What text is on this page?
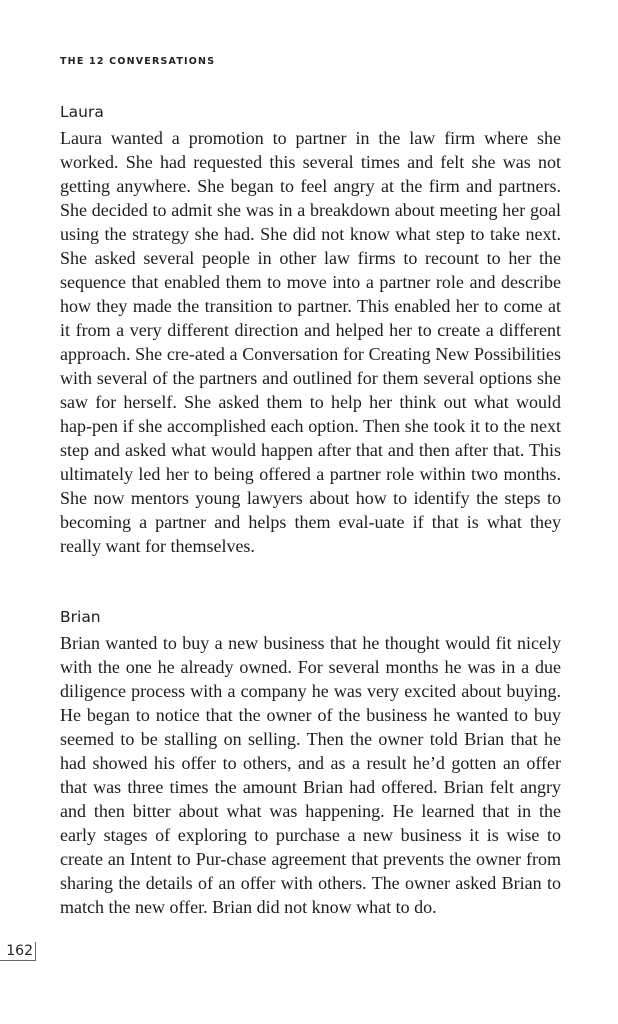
THE 12 CONVERSATIONS
Laura

Laura wanted a promotion to partner in the law firm where she worked. She had requested this several times and felt she was not getting anywhere. She began to feel angry at the firm and partners. She decided to admit she was in a breakdown about meeting her goal using the strategy she had. She did not know what step to take next. She asked several people in other law firms to recount to her the sequence that enabled them to move into a partner role and describe how they made the transition to partner. This enabled her to come at it from a very different direction and helped her to create a different approach. She cre-ated a Conversation for Creating New Possibilities with several of the partners and outlined for them several options she saw for herself. She asked them to help her think out what would hap-pen if she accomplished each option. Then she took it to the next step and asked what would happen after that and then after that. This ultimately led her to being offered a partner role within two months. She now mentors young lawyers about how to identify the steps to becoming a partner and helps them eval-uate if that is what they really want for themselves.

Brian

Brian wanted to buy a new business that he thought would fit nicely with the one he already owned. For several months he was in a due diligence process with a company he was very excited about buying. He began to notice that the owner of the business he wanted to buy seemed to be stalling on selling. Then the owner told Brian that he had showed his offer to others, and as a result he’d gotten an offer that was three times the amount Brian had offered. Brian felt angry and then bitter about what was happening. He learned that in the early stages of exploring to purchase a new business it is wise to create an Intent to Pur-chase agreement that prevents the owner from sharing the details of an offer with others. The owner asked Brian to match the new offer. Brian did not know what to do.

162
